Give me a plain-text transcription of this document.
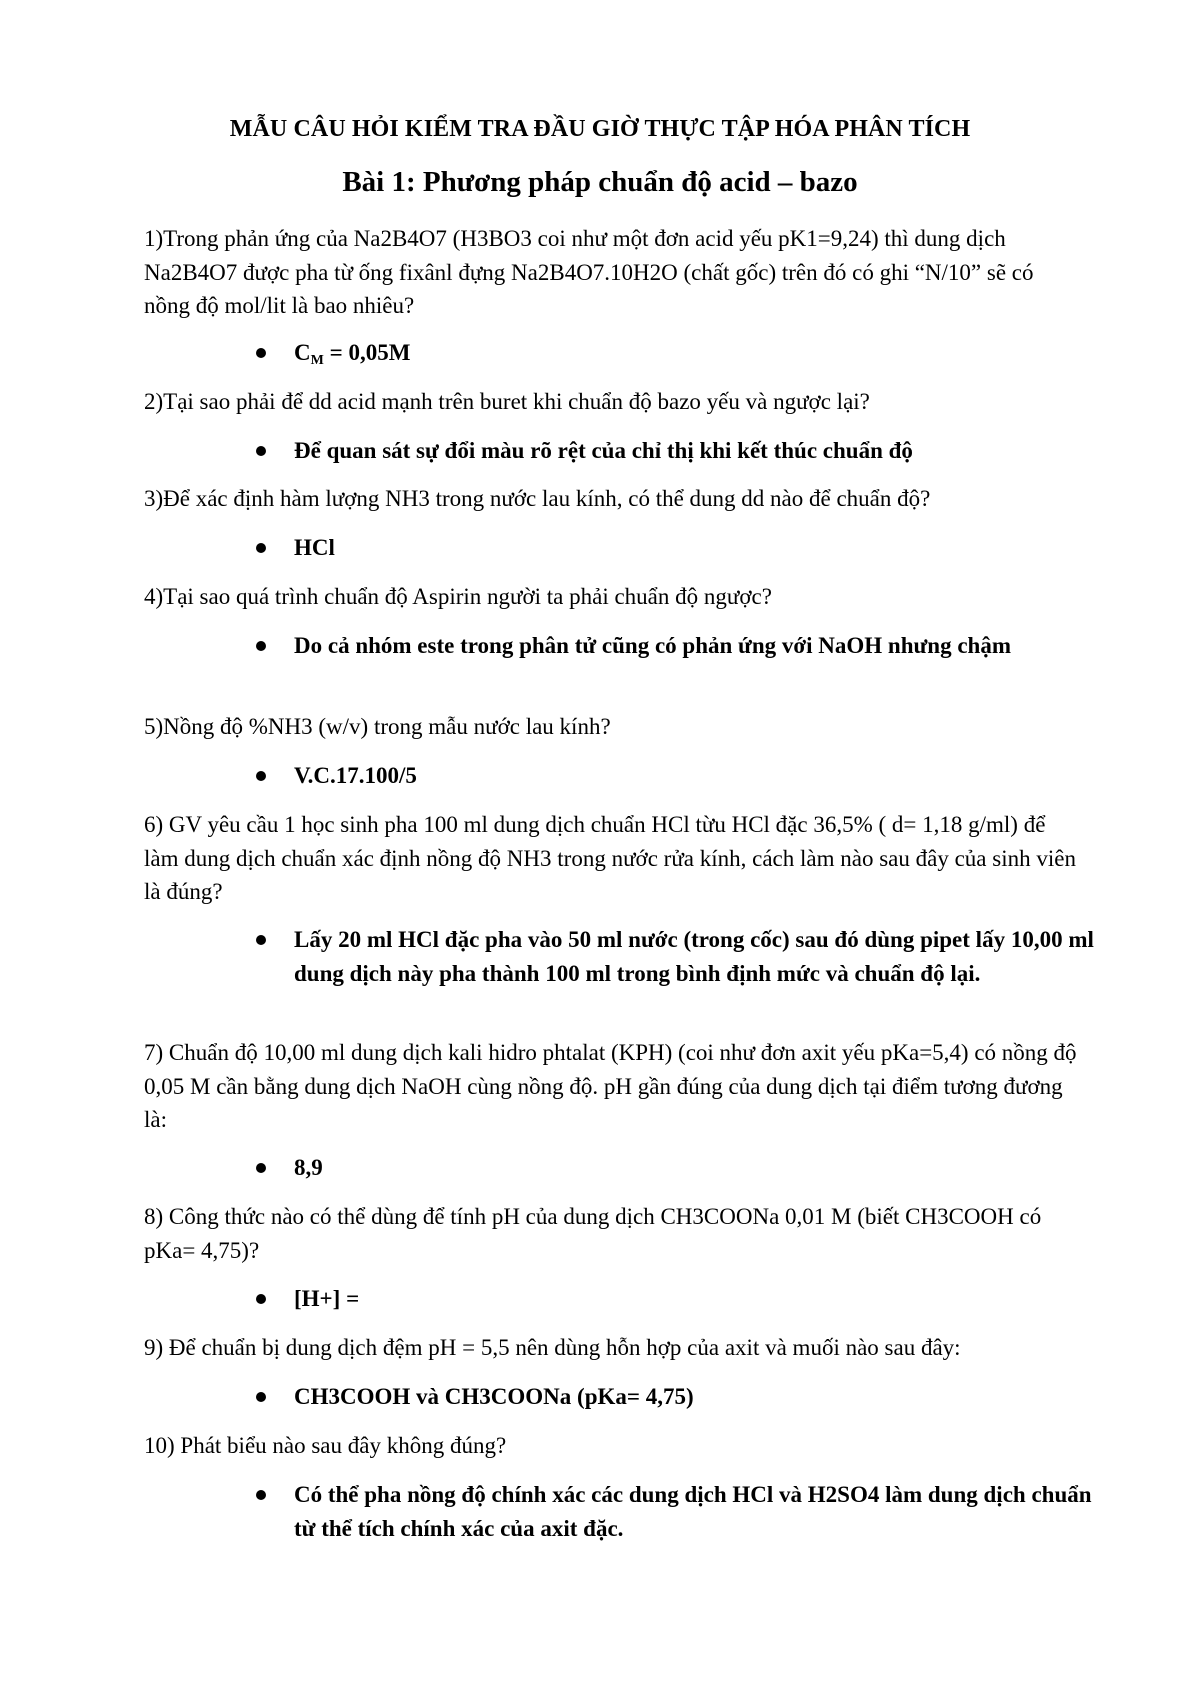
MẪU CÂU HỎI KIỂM TRA ĐẦU GIỜ THỰC TẬP HÓA PHÂN TÍCH
Bài 1: Phương pháp chuẩn độ acid – bazo
1)Trong phản ứng của Na2B4O7 (H3BO3 coi như một đơn acid yếu pK1=9,24) thì dung dịch Na2B4O7 được pha từ ống fixânl đựng Na2B4O7.10H2O (chất gốc) trên đó có ghi “N/10” sẽ có nồng độ mol/lit là bao nhiêu?
$C_M = 0,05M$
2)Tại sao phải để dd acid mạnh trên buret khi chuẩn độ bazo yếu và ngược lại?
Để quan sát sự đổi màu rõ rệt của chỉ thị khi kết thúc chuẩn độ
3)Để xác định hàm lượng NH3 trong nước lau kính, có thể dung dd nào để chuẩn độ?
HCl
4)Tại sao quá trình chuẩn độ Aspirin người ta phải chuẩn độ ngược?
Do cả nhóm este trong phân tử cũng có phản ứng với NaOH nhưng chậm
5)Nồng độ %NH3 (w/v) trong mẫu nước lau kính?
V.C.17.100/5
6) GV yêu cầu 1 học sinh pha 100 ml dung dịch chuẩn HCl từu HCl đặc 36,5% ( d= 1,18 g/ml) để làm dung dịch chuẩn xác định nồng độ NH3 trong nước rửa kính, cách làm nào sau đây của sinh viên là đúng?
Lấy 20 ml HCl đặc pha vào 50 ml nước (trong cốc) sau đó dùng pipet lấy 10,00 ml dung dịch này pha thành 100 ml trong bình định mức và chuẩn độ lại.
7) Chuẩn độ 10,00 ml dung dịch kali hidro phtalat (KPH) (coi như đơn axit yếu pKa=5,4) có nồng độ 0,05 M cần bằng dung dịch NaOH cùng nồng độ. pH gần đúng của dung dịch tại điểm tương đương là:
8,9
8) Công thức nào có thể dùng để tính pH của dung dịch CH3COONa 0,01 M (biết CH3COOH có pKa= 4,75)?
[H+] =
9) Để chuẩn bị dung dịch đệm pH = 5,5 nên dùng hỗn hợp của axit và muối nào sau đây:
CH3COOH và CH3COONa (pKa= 4,75)
10) Phát biểu nào sau đây không đúng?
Có thể pha nồng độ chính xác các dung dịch HCl và H2SO4 làm dung dịch chuẩn từ thể tích chính xác của axit đặc.
